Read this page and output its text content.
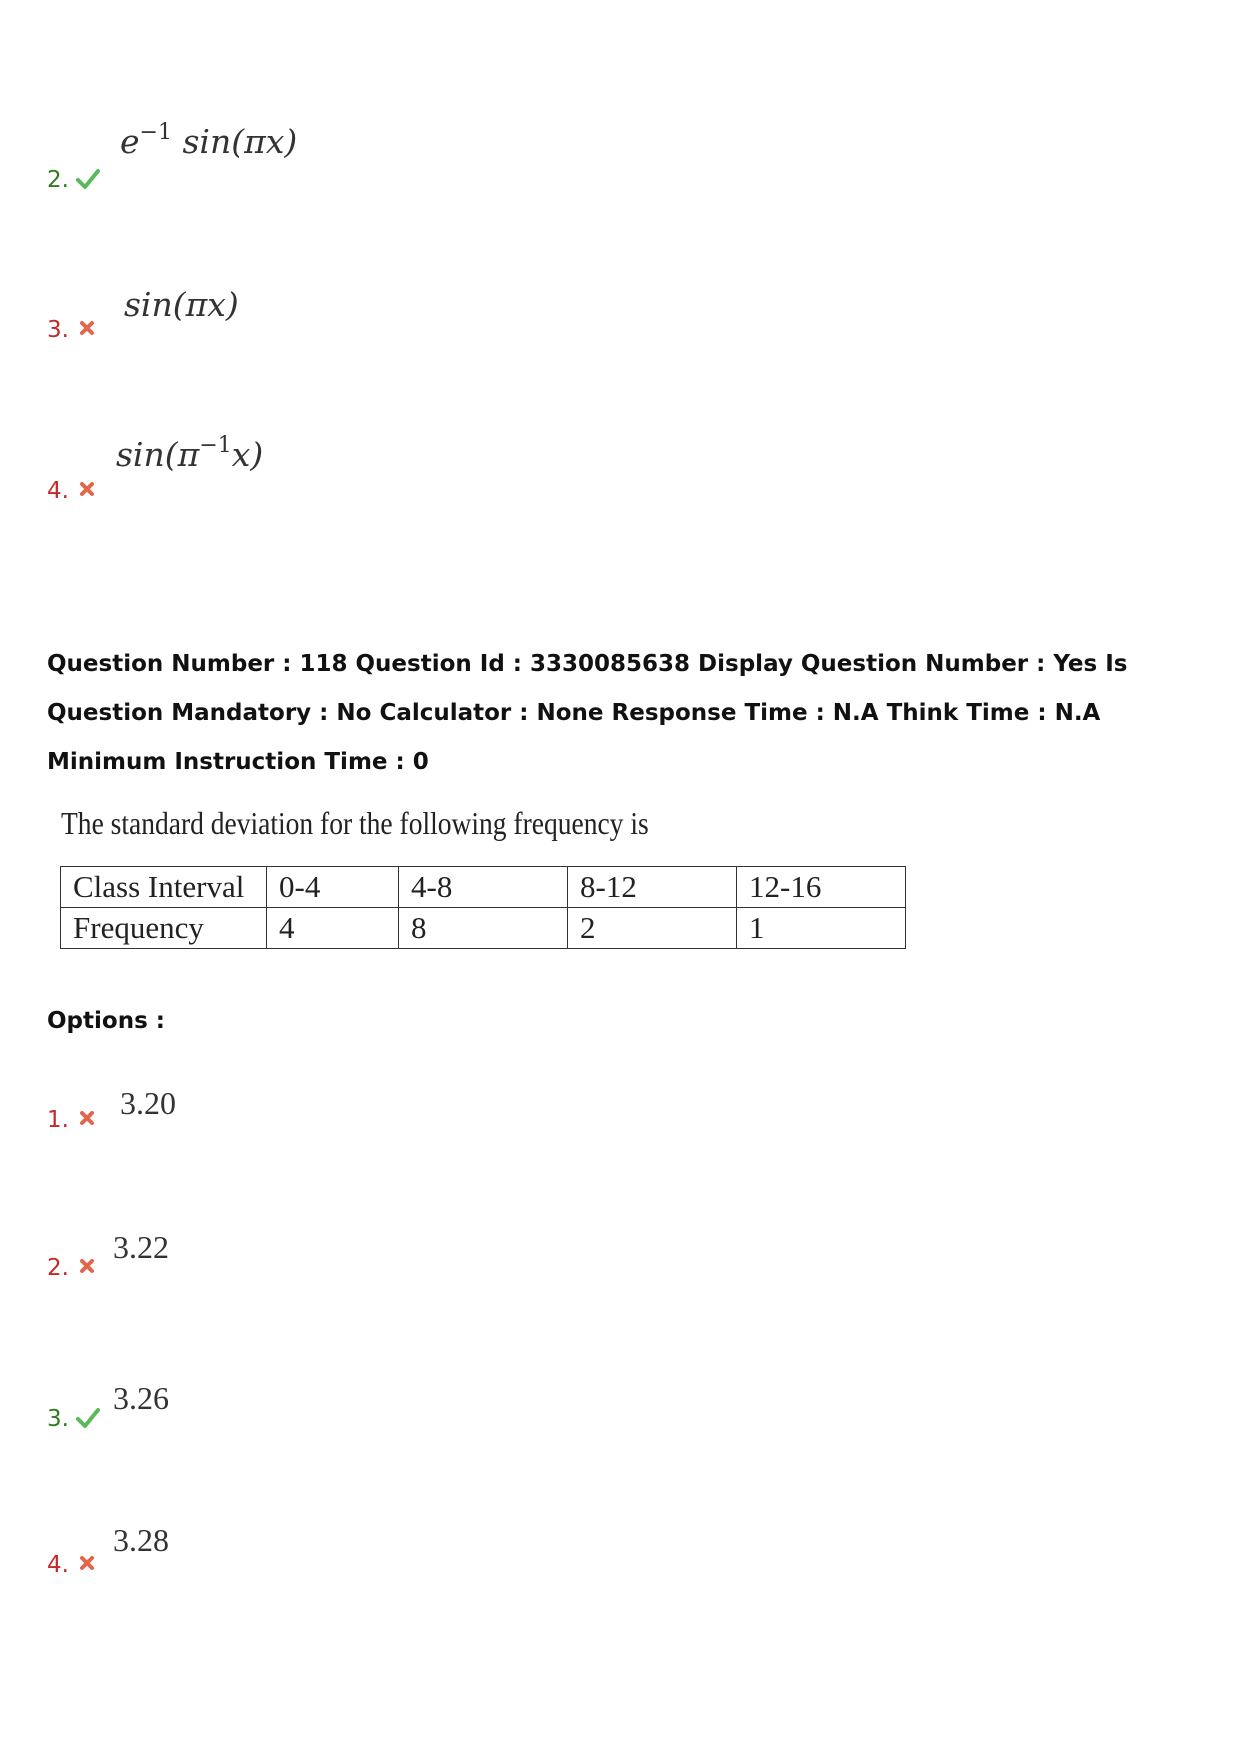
$e^{-1}$ sin(πx)
2.
sin(πx)
3.
$\sin(\pi^{-1}x)$
4.
Question Number : 118 Question Id : 3330085638 Display Question Number : Yes Is Question Mandatory : No Calculator : None Response Time : N.A Think Time : N.A Minimum Instruction Time : 0
The standard deviation for the following frequency is
Class Interval	0-4	4-8	8-12	12-16
Frequency	4	8	2	1
Options :
3.20
1.
3.22
2.
3.26
3.
3.28
4.
